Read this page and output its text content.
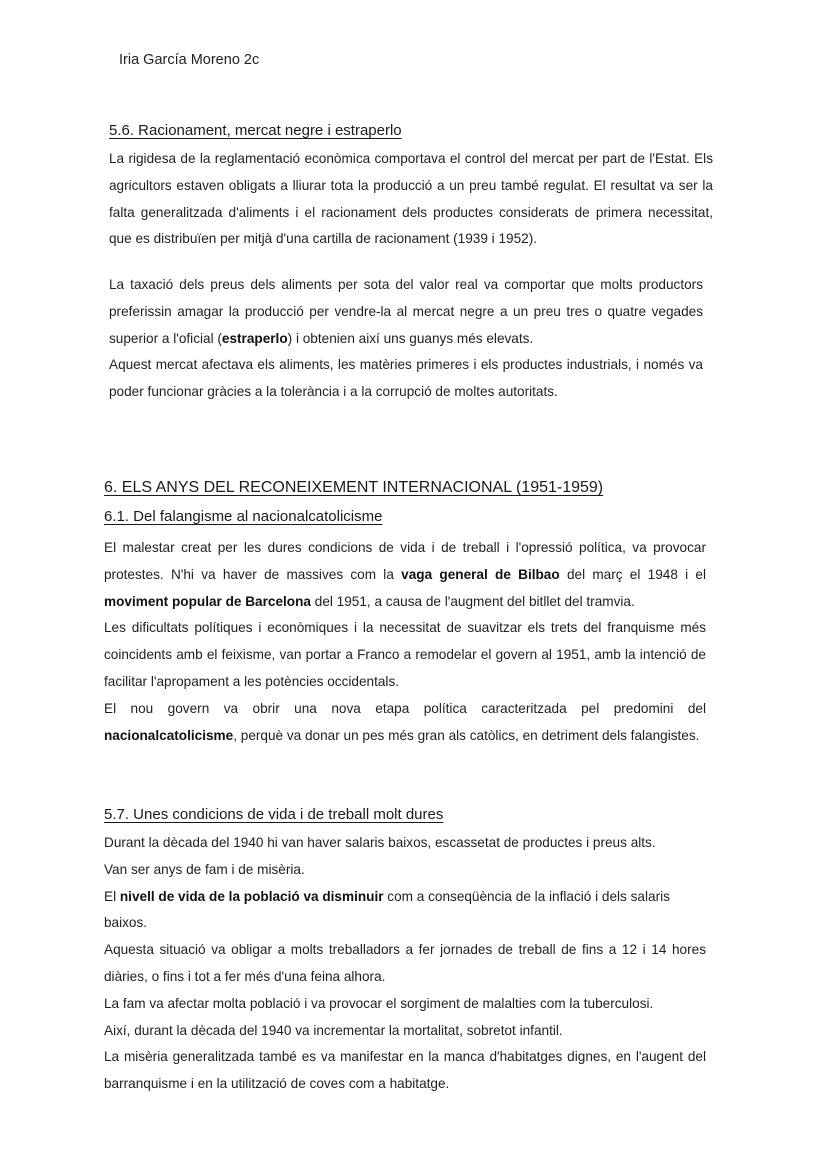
Iria García Moreno 2c
5.6. Racionament, mercat negre i estraperlo

La rigidesa de la reglamentació econòmica comportava el control del mercat per part de l'Estat. Els agricultors estaven obligats a lliurar tota la producció a un preu també regulat. El resultat va ser la falta generalitzada d'aliments i el racionament dels productes considerats de primera necessitat, que es distribuïen per mitjà d'una cartilla de racionament (1939 i 1952).

La taxació dels preus dels aliments per sota del valor real va comportar que molts productors preferissin amagar la producció per vendre-la al mercat negre a un preu tres o quatre vegades superior a l'oficial (estraperlo) i obtenien així uns guanys més elevats.

Aquest mercat afectava els aliments, les matèries primeres i els productes industrials, i només va poder funcionar gràcies a la tolerància i a la corrupció de moltes autoritats.

6. ELS ANYS DEL RECONEIXEMENT INTERNACIONAL (1951-1959)
6.1. Del falangisme al nacionalcatolicisme

El malestar creat per les dures condicions de vida i de treball i l'opressió política, va provocar protestes. N'hi va haver de massives com la vaga general de Bilbao del març el 1948 i el moviment popular de Barcelona del 1951, a causa de l'augment del bitllet del tramvia.

Les dificultats polítiques i econòmiques i la necessitat de suavitzar els trets del franquisme més coincidents amb el feixisme, van portar a Franco a remodelar el govern al 1951, amb la intenció de facilitar l'apropament a les potències occidentals.

El nou govern va obrir una nova etapa política caracteritzada pel predomini del nacionalcatolicisme, perquè va donar un pes més gran als catòlics, en detriment dels falangistes.

5.7. Unes condicions de vida i de treball molt dures

Durant la dècada del 1940 hi van haver salaris baixos, escassetat de productes i preus alts.

Van ser anys de fam i de misèria.

El nivell de vida de la població va disminuir com a conseqüència de la inflació i dels salaris baixos.

Aquesta situació va obligar a molts treballadors a fer jornades de treball de fins a 12 i 14 hores diàries, o fins i tot a fer més d'una feina alhora.

La fam va afectar molta població i va provocar el sorgiment de malalties com la tuberculosi.

Així, durant la dècada del 1940 va incrementar la mortalitat, sobretot infantil.

La misèria generalitzada també es va manifestar en la manca d'habitatges dignes, en l'augent del barranquisme i en la utilització de coves com a habitatge.
